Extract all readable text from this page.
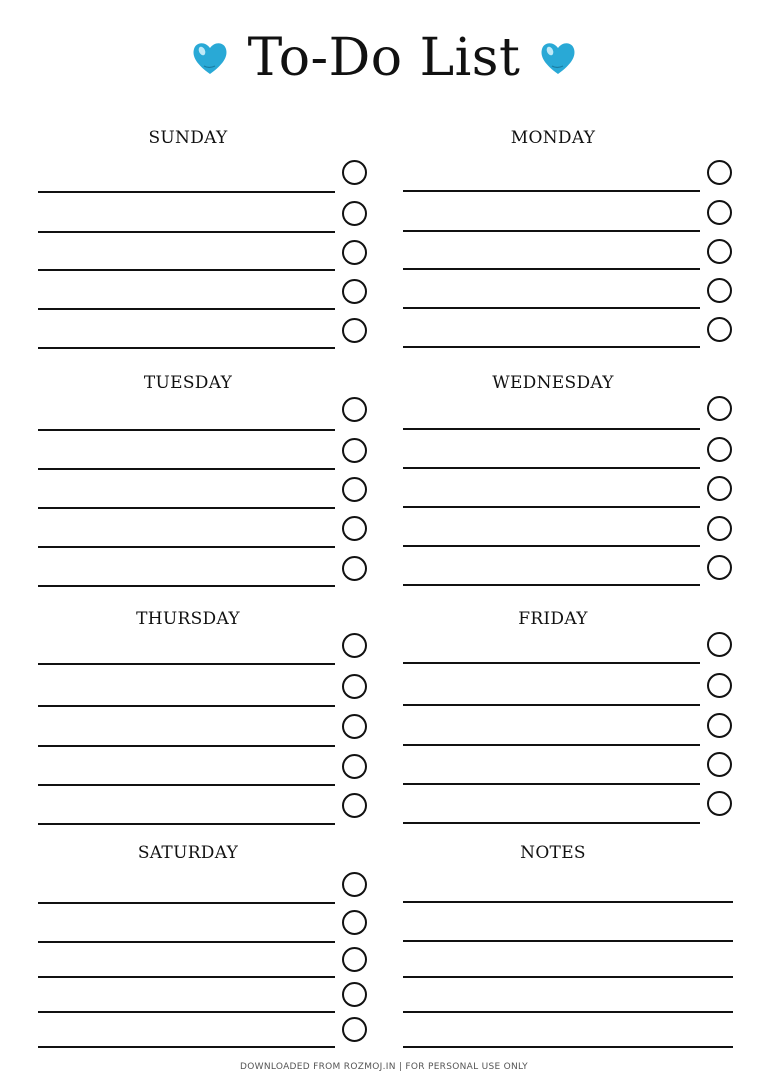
To-Do List
SUNDAY	MONDAY
TUESDAY	WEDNESDAY
THURSDAY	FRIDAY
SATURDAY	NOTES
DOWNLOADED FROM ROZMOJ.IN | FOR PERSONAL USE ONLY
